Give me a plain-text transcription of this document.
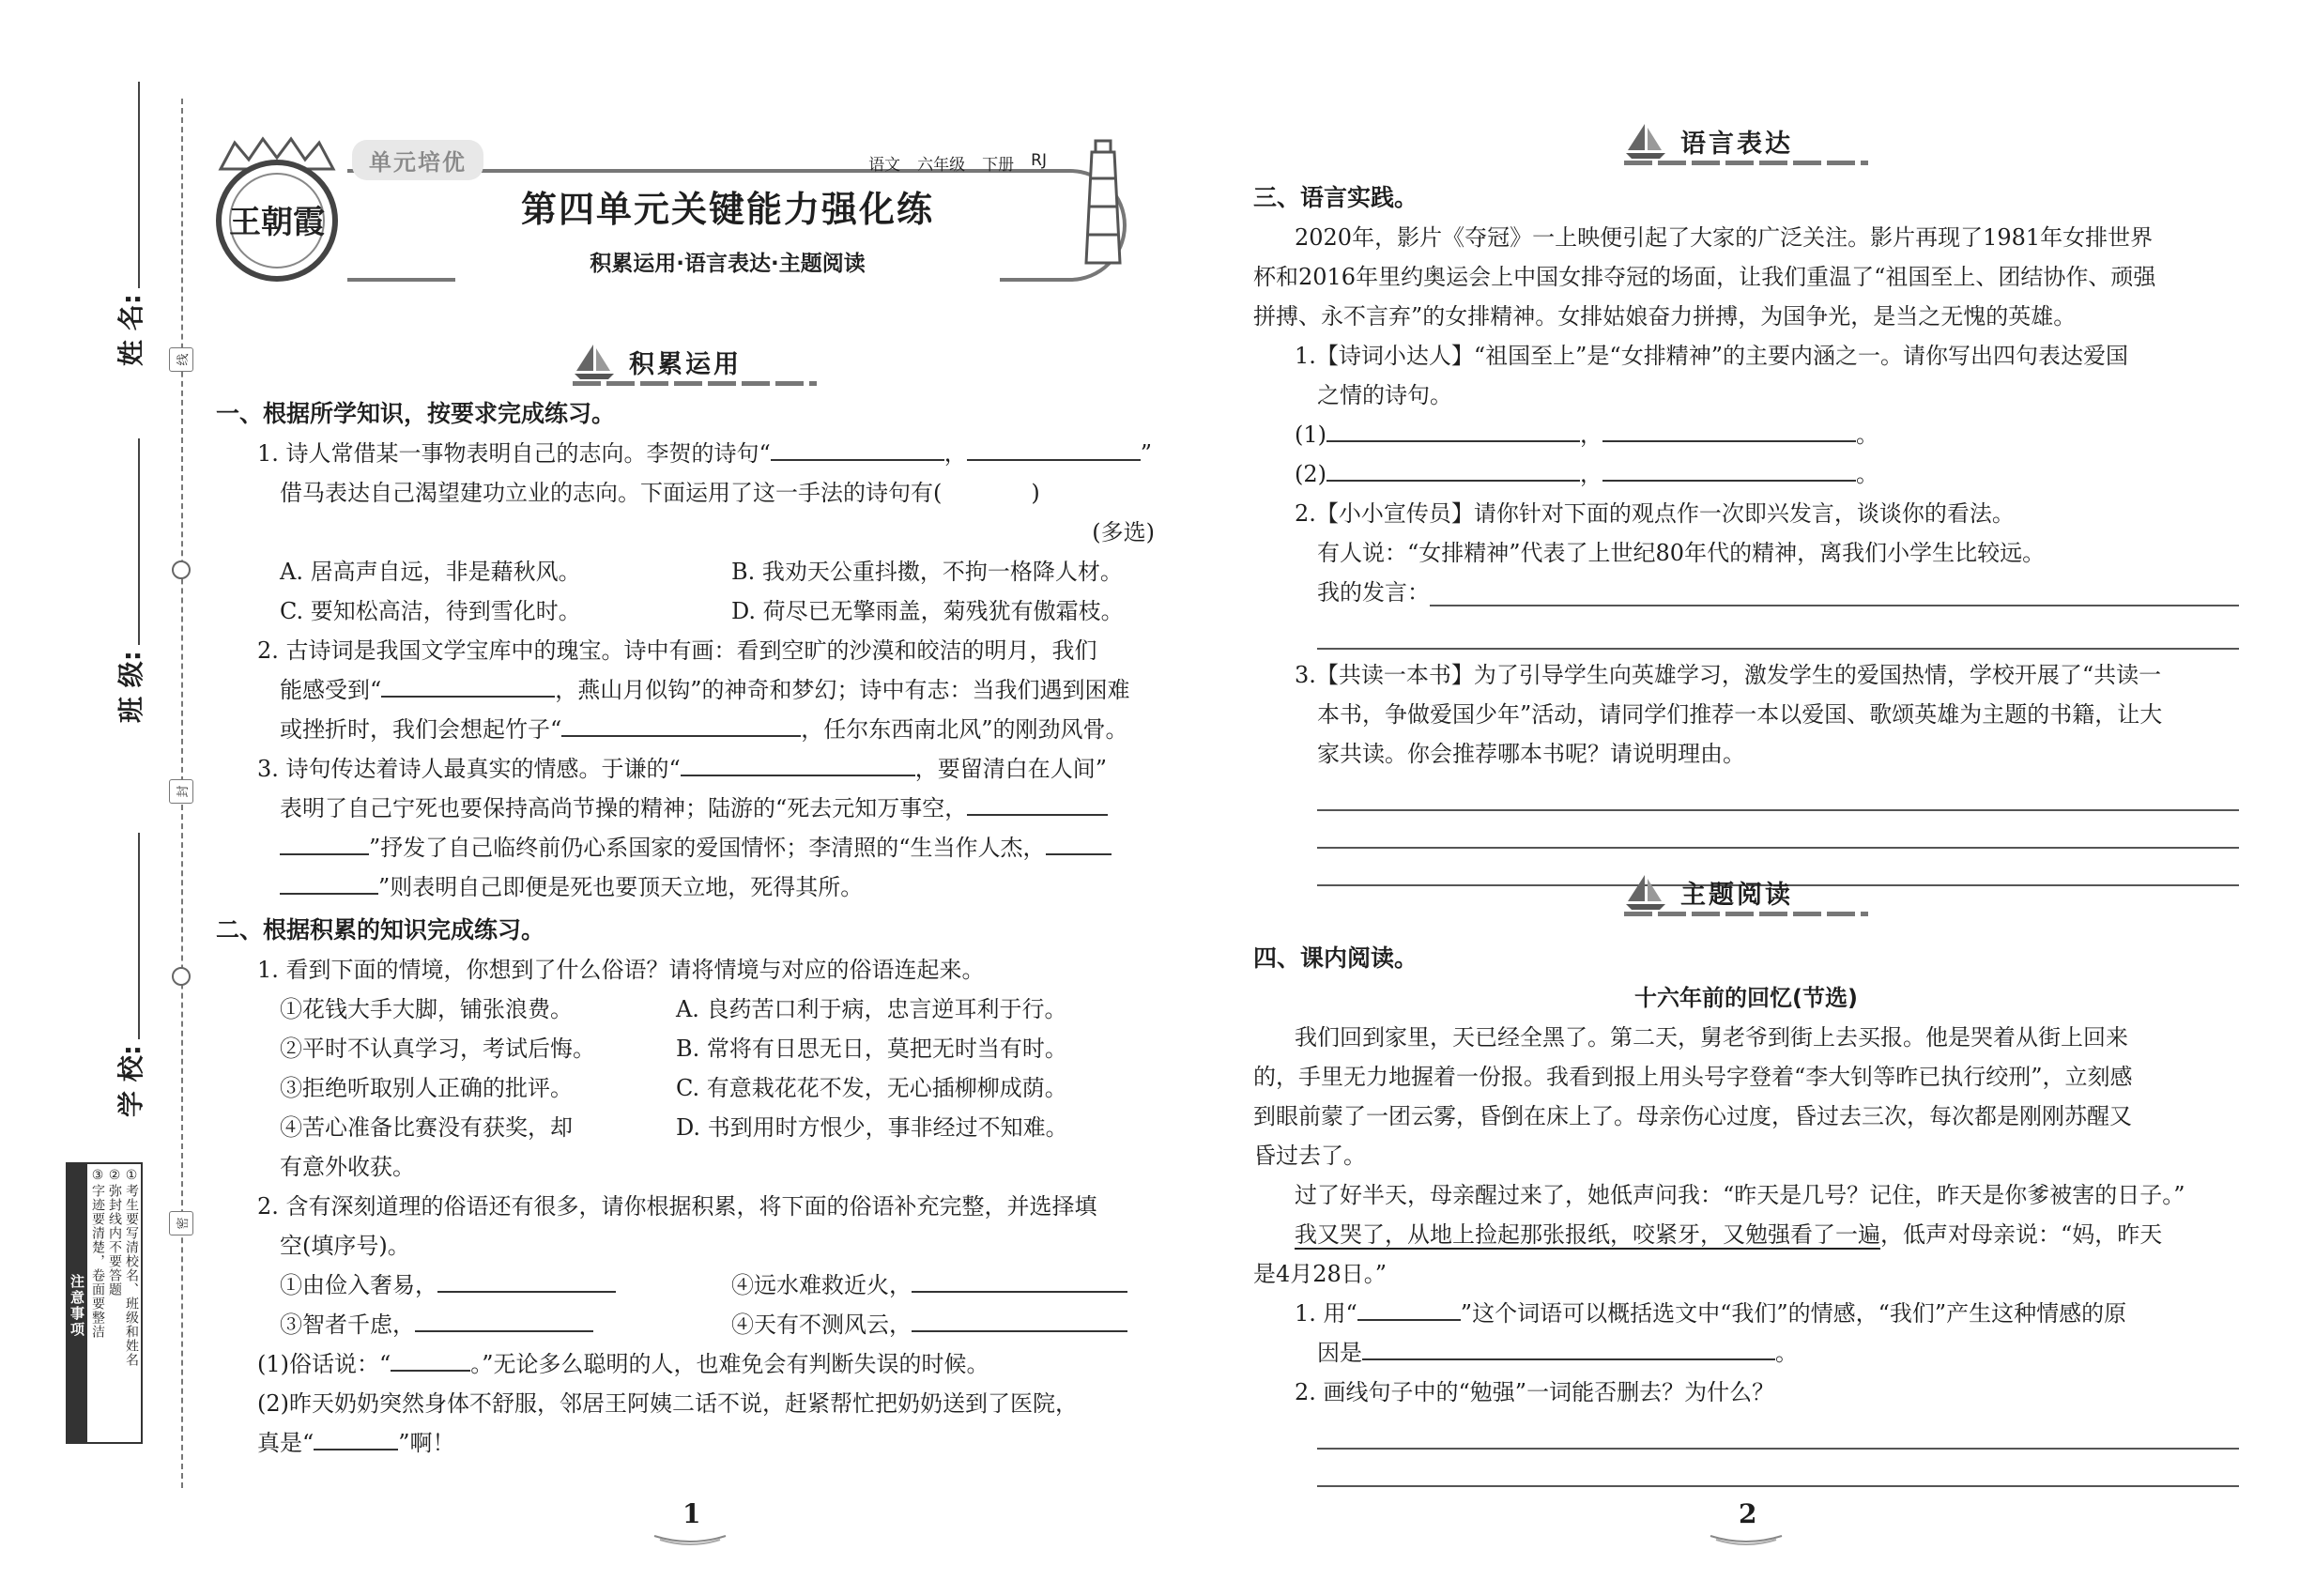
线
封
密
姓 名:
班 级:
学 校:
注意事项	①考生要写清校名、班级和姓名
②弥封线内不要答题
③字迹要清楚，卷面要整洁
王朝霞
单元培优	语文 六年级 下册 RJ
第四单元关键能力强化练
积累运用·语言表达·主题阅读
积累运用
一、根据所学知识，按要求完成练习。
1. 诗人常借某一事物表明自己的志向。李贺的诗句“	，	”
借马表达自己渴望建功立业的志向。下面运用了这一手法的诗句有(	)
(多选)
A. 居高声自远，非是藉秋风。	B. 我劝天公重抖擞，不拘一格降人材。
C. 要知松高洁，待到雪化时。	D. 荷尽已无擎雨盖，菊残犹有傲霜枝。
2. 古诗词是我国文学宝库中的瑰宝。诗中有画：看到空旷的沙漠和皎洁的明月，我们
能感受到“	，燕山月似钩”的神奇和梦幻；诗中有志：当我们遇到困难
或挫折时，我们会想起竹子“	，任尔东西南北风”的刚劲风骨。
3. 诗句传达着诗人最真实的情感。于谦的“	，要留清白在人间”
表明了自己宁死也要保持高尚节操的精神；陆游的“死去元知万事空，
”抒发了自己临终前仍心系国家的爱国情怀；李清照的“生当作人杰，
”则表明自己即便是死也要顶天立地，死得其所。
二、根据积累的知识完成练习。
1. 看到下面的情境，你想到了什么俗语？请将情境与对应的俗语连起来。
①花钱大手大脚，铺张浪费。	A. 良药苦口利于病，忠言逆耳利于行。
②平时不认真学习，考试后悔。	B. 常将有日思无日，莫把无时当有时。
③拒绝听取别人正确的批评。	C. 有意栽花花不发，无心插柳柳成荫。
④苦心准备比赛没有获奖，却	D. 书到用时方恨少，事非经过不知难。
有意外收获。
2. 含有深刻道理的俗语还有很多，请你根据积累，将下面的俗语补充完整，并选择填
空(填序号)。
①由俭入奢易，	④远水难救近火，
③智者千虑，	④天有不测风云，
(1)俗话说：“	。”无论多么聪明的人，也难免会有判断失误的时候。
(2)昨天奶奶突然身体不舒服，邻居王阿姨二话不说，赶紧帮忙把奶奶送到了医院，
真是“	”啊！
1
语言表达
三、语言实践。
2020年，影片《夺冠》一上映便引起了大家的广泛关注。影片再现了1981年女排世界
杯和2016年里约奥运会上中国女排夺冠的场面，让我们重温了“祖国至上、团结协作、顽强
拼搏、永不言弃”的女排精神。女排姑娘奋力拼搏，为国争光，是当之无愧的英雄。
1.【诗词小达人】“祖国至上”是“女排精神”的主要内涵之一。请你写出四句表达爱国
之情的诗句。
(1)	，	。
(2)	，	。
2.【小小宣传员】请你针对下面的观点作一次即兴发言，谈谈你的看法。
有人说：“女排精神”代表了上世纪80年代的精神，离我们小学生比较远。
我的发言：
3.【共读一本书】为了引导学生向英雄学习，激发学生的爱国热情，学校开展了“共读一
本书，争做爱国少年”活动，请同学们推荐一本以爱国、歌颂英雄为主题的书籍，让大
家共读。你会推荐哪本书呢？请说明理由。
主题阅读
四、课内阅读。
十六年前的回忆(节选)
我们回到家里，天已经全黑了。第二天，舅老爷到街上去买报。他是哭着从街上回来
的，手里无力地握着一份报。我看到报上用头号字登着“李大钊等昨已执行绞刑”，立刻感
到眼前蒙了一团云雾，昏倒在床上了。母亲伤心过度，昏过去三次，每次都是刚刚苏醒又
昏过去了。
过了好半天，母亲醒过来了，她低声问我：“昨天是几号？记住，昨天是你爹被害的日子。”
我又哭了，从地上捡起那张报纸，咬紧牙，又勉强看了一遍，低声对母亲说：“妈，昨天
是4月28日。”
1. 用“	”这个词语可以概括选文中“我们”的情感，“我们”产生这种情感的原
因是	。
2. 画线句子中的“勉强”一词能否删去？为什么？
2
